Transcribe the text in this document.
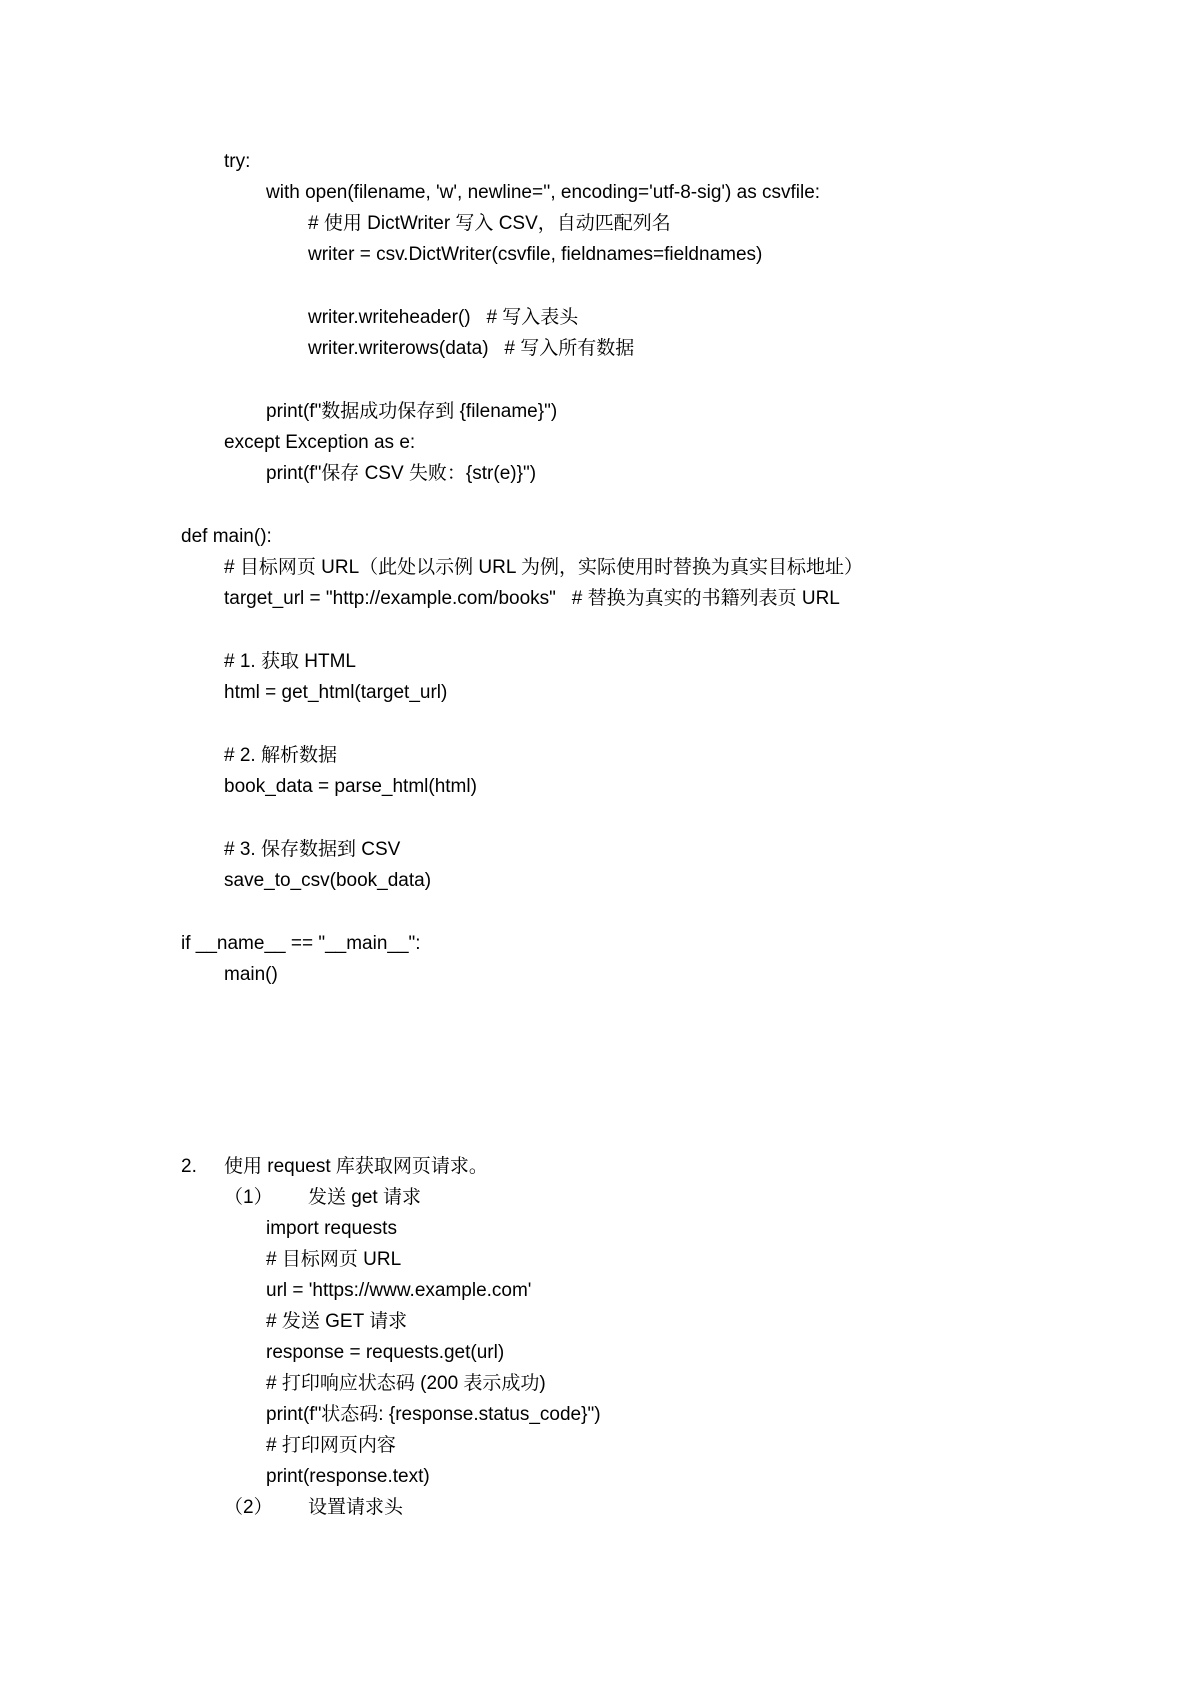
try:
with open(filename, 'w', newline='', encoding='utf-8-sig') as csvfile:
# 使用 DictWriter 写入 CSV，自动匹配列名
writer = csv.DictWriter(csvfile, fieldnames=fieldnames)
writer.writeheader()   # 写入表头
writer.writerows(data)   # 写入所有数据
print(f"数据成功保存到 {filename}")
except Exception as e:
print(f"保存 CSV 失败：{str(e)}")
def main():
# 目标网页 URL（此处以示例 URL 为例，实际使用时替换为真实目标地址）
target_url = "http://example.com/books"   # 替换为真实的书籍列表页 URL
# 1. 获取 HTML
html = get_html(target_url)
# 2. 解析数据
book_data = parse_html(html)
# 3. 保存数据到 CSV
save_to_csv(book_data)
if __name__ == "__main__":
main()
2. 使用 request 库获取网页请求。
（1） 发送 get 请求
import requests
# 目标网页 URL
url = 'https://www.example.com'
# 发送 GET 请求
response = requests.get(url)
# 打印响应状态码 (200 表示成功)
print(f"状态码: {response.status_code}")
# 打印网页内容
print(response.text)
（2） 设置请求头
